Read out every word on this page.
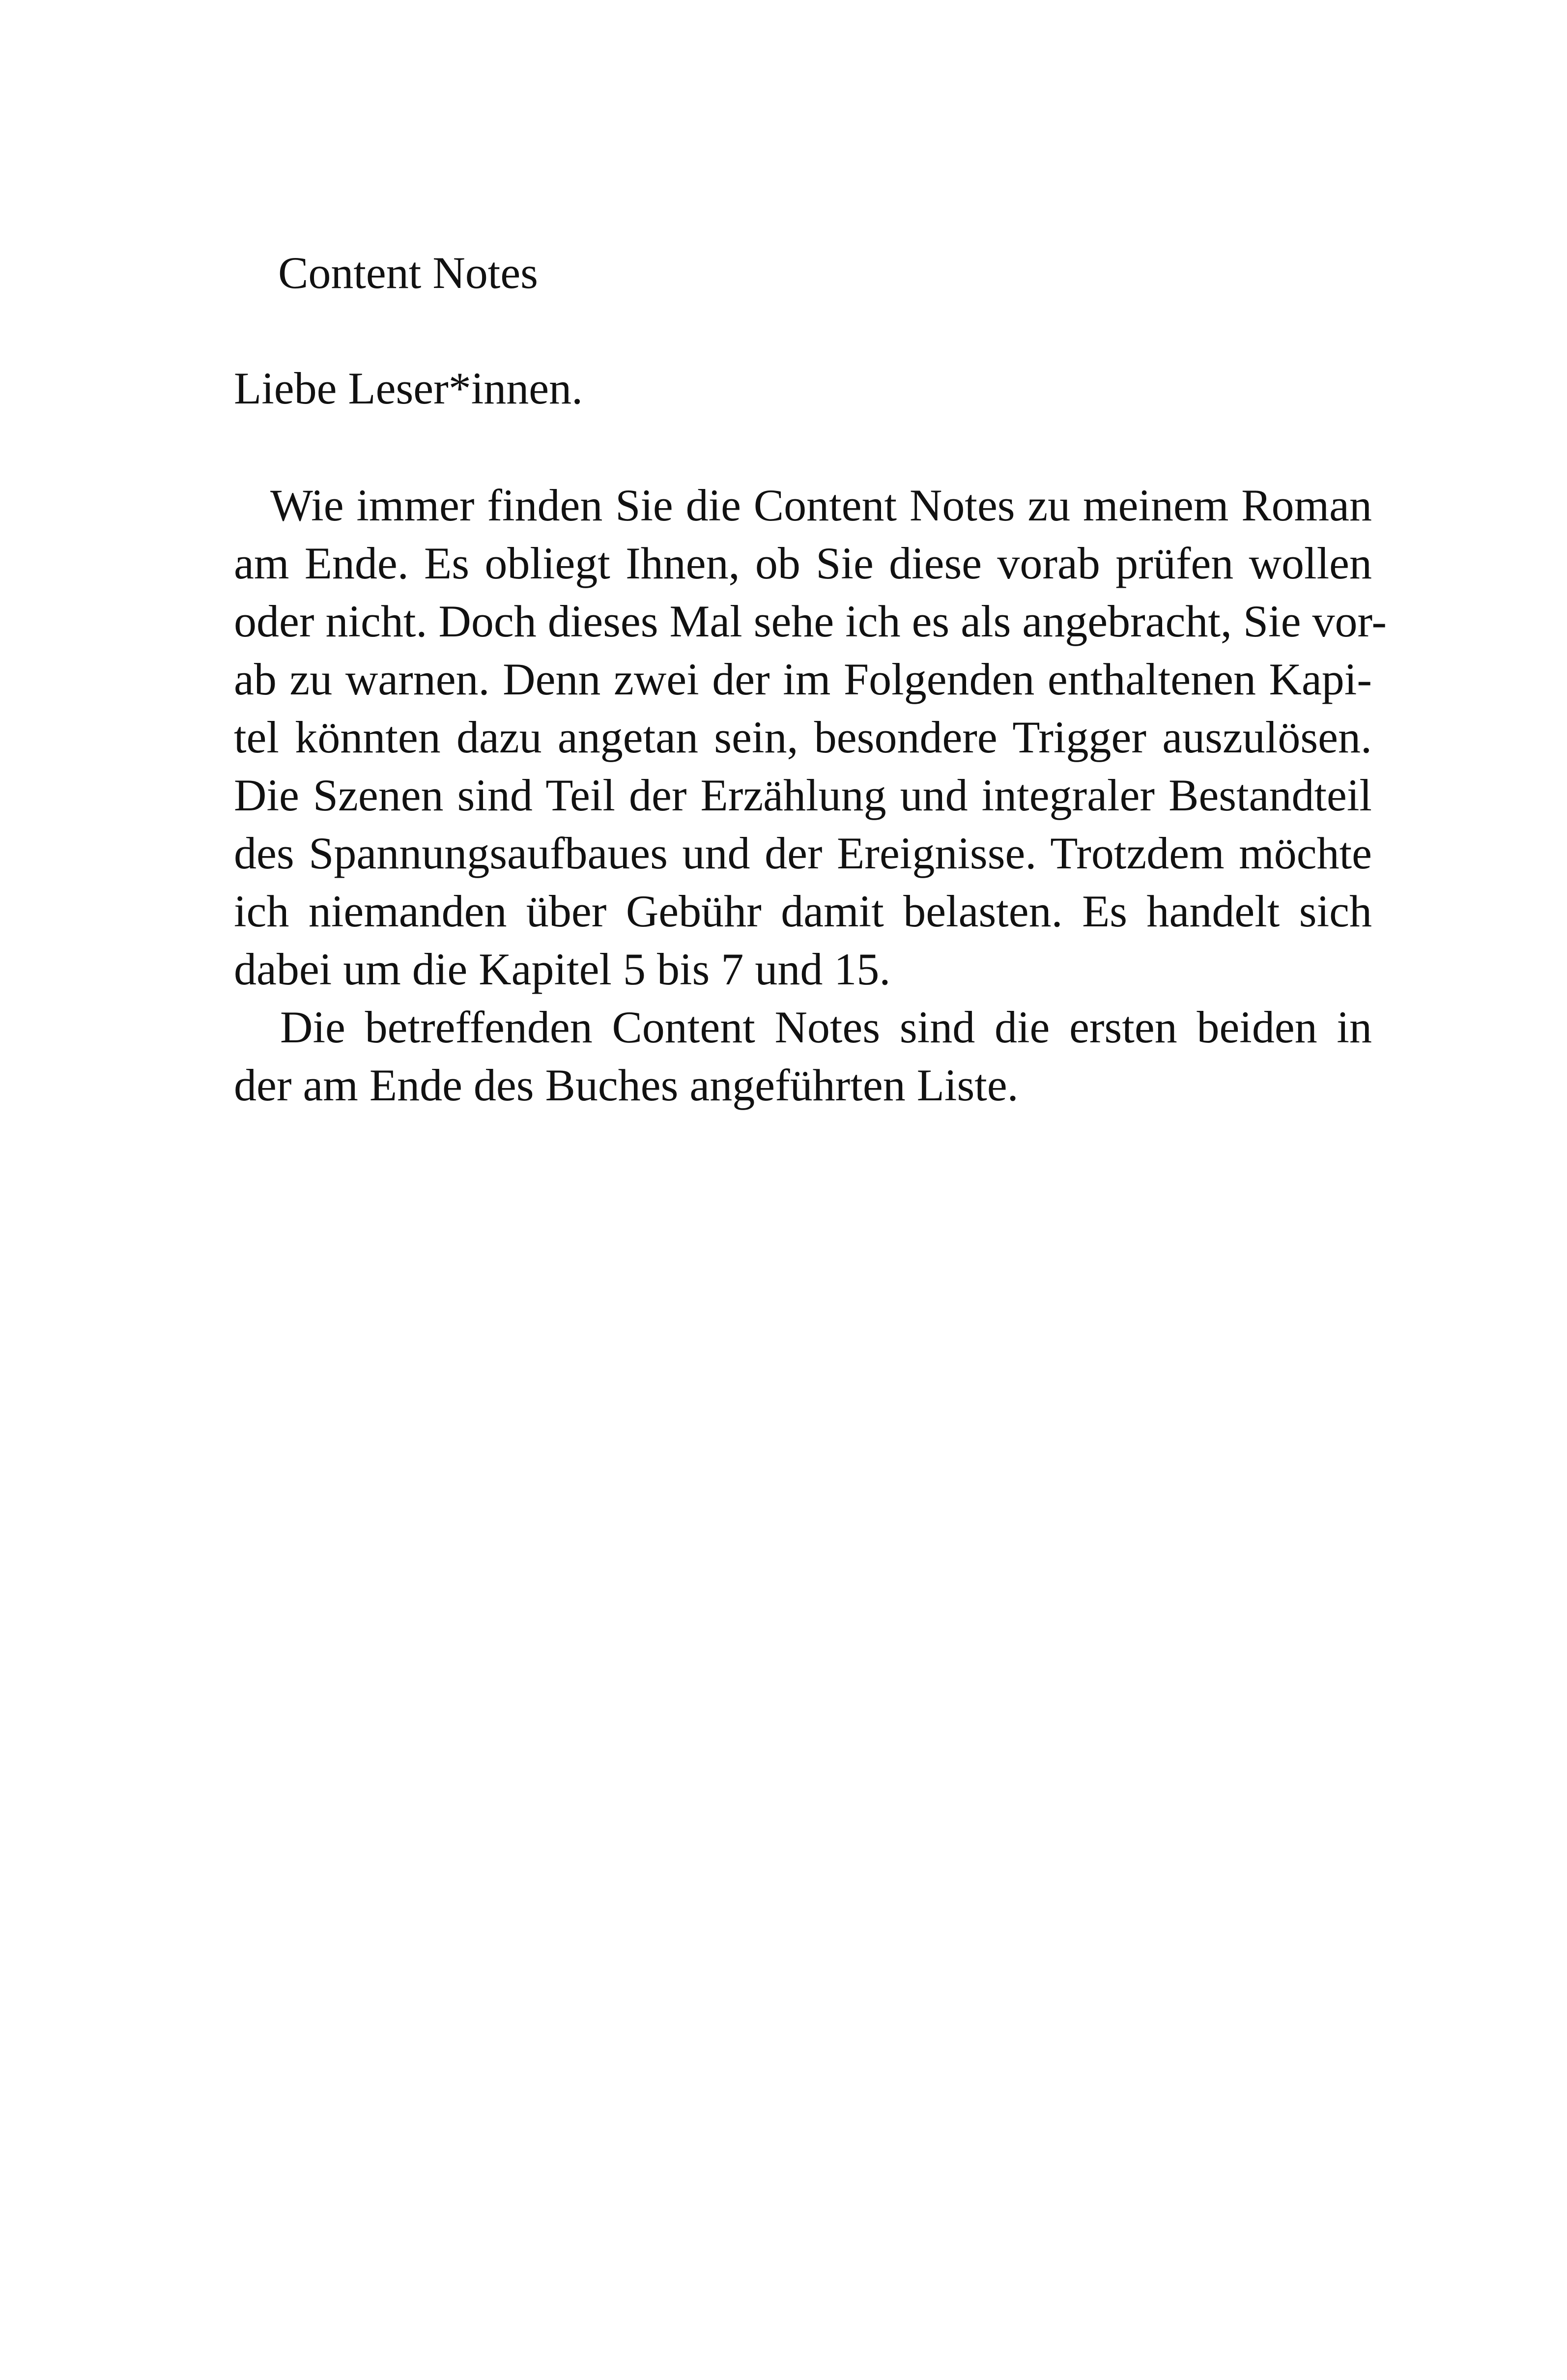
Content Notes

Liebe Leser*innen.

Wie immer finden Sie die Content Notes zu meinem Roman

am Ende. Es obliegt Ihnen, ob Sie diese vorab prüfen wollen

oder nicht. Doch dieses Mal sehe ich es als angebracht, Sie vor-

ab zu warnen. Denn zwei der im Folgenden enthaltenen Kapi-

tel könnten dazu angetan sein, besondere Trigger auszulösen.

Die Szenen sind Teil der Erzählung und integraler Bestandteil

des Spannungsaufbaues und der Ereignisse. Trotzdem möchte

ich niemanden über Gebühr damit belasten. Es handelt sich

dabei um die Kapitel 5 bis 7 und 15.

Die betreffenden Content Notes sind die ersten beiden in

der am Ende des Buches angeführten Liste.
